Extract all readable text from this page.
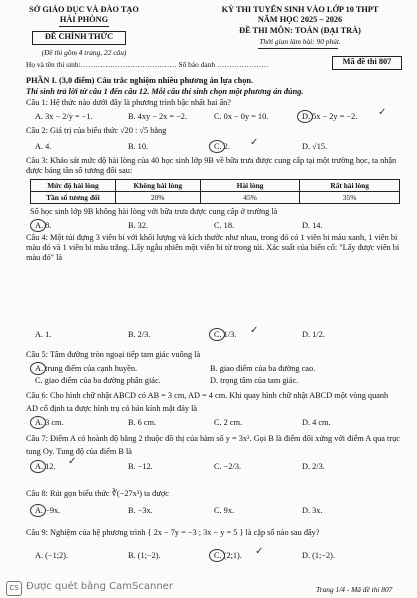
SỞ GIÁO DỤC VÀ ĐÀO TẠO
HẢI PHÒNG
ĐỀ CHÍNH THỨC
(Đề thi gồm 4 trang, 22 câu)
KỲ THI TUYỂN SINH VÀO LỚP 10 THPT
NĂM HỌC 2025 – 2026
ĐỀ THI MÔN: TOÁN (ĐẠI TRÀ)
Thời gian làm bài: 90 phút.
Họ và tên thí sinh:………………………………… Số báo danh …………………	Mã đề thi 807
PHẦN I. (3,0 điểm) Câu trắc nghiệm nhiều phương án lựa chọn.
Thí sinh trả lời từ câu 1 đến câu 12. Mỗi câu thí sinh chọn một phương án đúng.
Câu 1: Hệ thức nào dưới đây là phương trình bậc nhất hai ẩn?
A. 3x − 2/y = −1.	B. 4xy − 2x = −2.	C. 0x − 0y = 10.	D. 5x − 2y = −2. ✓
Câu 2: Giá trị của biểu thức √20 : √5 bằng
A. 4.	B. 10.	C. 2.	D. √15.
✓
Câu 3: Khảo sát mức độ hài lòng của 40 học sinh lớp 9B về bữa trưa được cung cấp tại một trường học, ta nhận được bảng tần số tương đối sau:
Mức độ hài lòng	Không hài lòng	Hài lòng	Rất hài lòng
Tần số tương đối	20%	45%	35%
Số học sinh lớp 9B không hài lòng với bữa trưa được cung cấp ở trường là
A. 8.	B. 32.	C. 18.	D. 14.
Câu 4: Một túi đựng 3 viên bi với khối lượng và kích thước như nhau, trong đó có 1 viên bi màu xanh, 1 viên bi màu đỏ và 1 viên bi màu trắng. Lấy ngẫu nhiên một viên bi từ trong túi. Xác suất của biến cố: "Lấy được viên bi màu đỏ" là
A. 1.	B. 2/3.	C. 1/3.	D. 1/2.
✓
Câu 5: Tâm đường tròn ngoại tiếp tam giác vuông là
A. trung điểm của cạnh huyền.	B. giao điểm của ba đường cao.
C. giao điểm của ba đường phân giác.	D. trọng tâm của tam giác.
Câu 6: Cho hình chữ nhật ABCD có AB = 3 cm, AD = 4 cm. Khi quay hình chữ nhật ABCD một vòng quanh AD cố định ta được hình trụ có bán kính mặt đáy là
A. 3 cm.	B. 6 cm.	C. 2 cm.	D. 4 cm.
Câu 7: Điểm A có hoành độ bằng 2 thuộc đồ thị của hàm số y = 3x². Gọi B là điểm đối xứng với điểm A qua trục tung Oy. Tung độ của điểm B là
A. 12.	B. −12.	C. −2/3.	D. 2/3.
✓
Câu 8: Rút gọn biểu thức ∛(−27x³) ta được
A. −9x.	B. −3x.	C. 9x.	D. 3x.
Câu 9: Nghiệm của hệ phương trình { 2x − 7y = −3 ; 3x − y = 5 } là cặp số nào sau đây?
A. (−1;2).	B. (1;−2).	C. (2;1).	D. (1;−2).
✓
CS Được quét bằng CamScanner	Trang 1/4 - Mã đề thi 807
